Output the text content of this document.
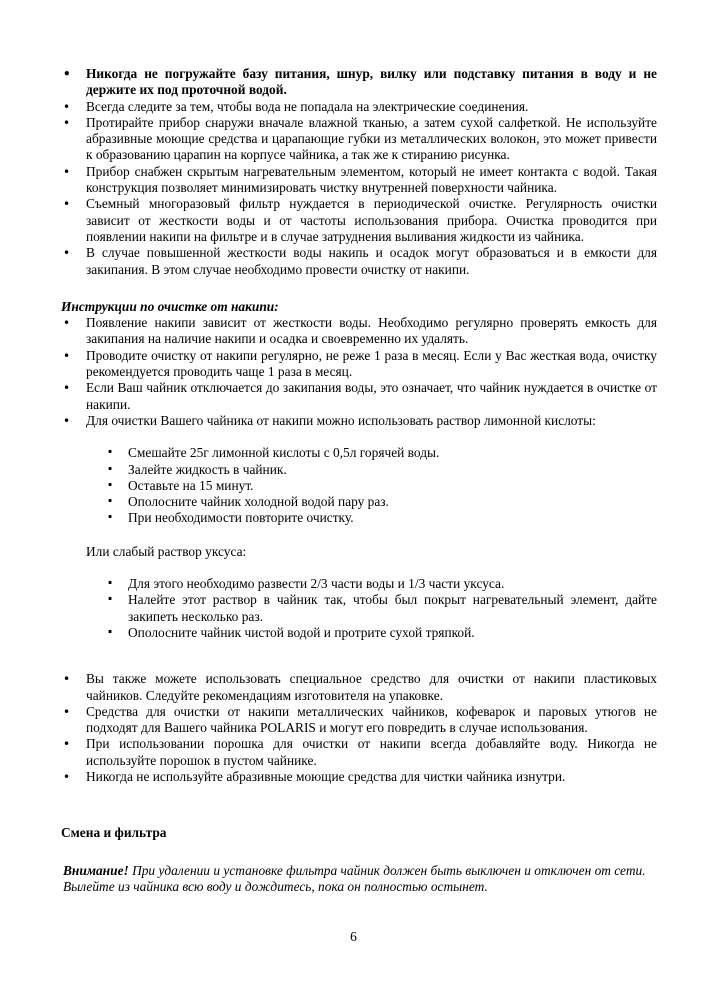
• Никогда не погружайте базу питания, шнур, вилку или подставку питания в воду и не держите их под проточной водой.
• Всегда следите за тем, чтобы вода не попадала на электрические соединения.
• Протирайте прибор снаружи вначале влажной тканью, а затем сухой салфеткой. Не используйте абразивные моющие средства и царапающие губки из металлических волокон, это может привести к образованию царапин на корпусе чайника, а так же к стиранию рисунка.
• Прибор снабжен скрытым нагревательным элементом, который не имеет контакта с водой. Такая конструкция позволяет минимизировать чистку внутренней поверхности чайника.
• Съемный многоразовый фильтр нуждается в периодической очистке. Регулярность очистки зависит от жесткости воды и от частоты использования прибора. Очистка проводится при появлении накипи на фильтре и в случае затруднения выливания жидкости из чайника.
• В случае повышенной жесткости воды накипь и осадок могут образоваться и в емкости для закипания. В этом случае необходимо провести очистку от накипи.
Инструкции по очистке от накипи:
• Появление накипи зависит от жесткости воды. Необходимо регулярно проверять емкость для закипания на наличие накипи и осадка и своевременно их удалять.
• Проводите очистку от накипи регулярно, не реже 1 раза в месяц. Если у Вас жесткая вода, очистку рекомендуется проводить чаще 1 раза в месяц.
• Если Ваш чайник отключается до закипания воды, это означает, что чайник нуждается в очистке от накипи.
• Для очистки Вашего чайника от накипи можно использовать раствор лимонной кислоты:
· Смешайте 25г лимонной кислоты с 0,5л горячей воды.
· Залейте жидкость в чайник.
· Оставьте на 15 минут.
· Ополосните чайник холодной водой пару раз.
· При необходимости повторите очистку.
Или слабый раствор уксуса:
· Для этого необходимо развести 2/3 части воды и 1/3 части уксуса.
· Налейте этот раствор в чайник так, чтобы был покрыт нагревательный элемент, дайте закипеть несколько раз.
· Ополосните чайник чистой водой и протрите сухой тряпкой.
• Вы также можете использовать специальное средство для очистки от накипи пластиковых чайников. Следуйте рекомендациям изготовителя на упаковке.
• Средства для очистки от накипи металлических чайников, кофеварок и паровых утюгов не подходят для Вашего чайника POLARIS и могут его повредить в случае использования.
• При использовании порошка для очистки от накипи всегда добавляйте воду. Никогда не используйте порошок в пустом чайнике.
• Никогда не используйте абразивные моющие средства для чистки чайника изнутри.
Смена и фильтра
Внимание! При удалении и установке фильтра чайник должен быть выключен и отключен от сети. Вылейте из чайника всю воду и дождитесь, пока он полностью остынет.
6
